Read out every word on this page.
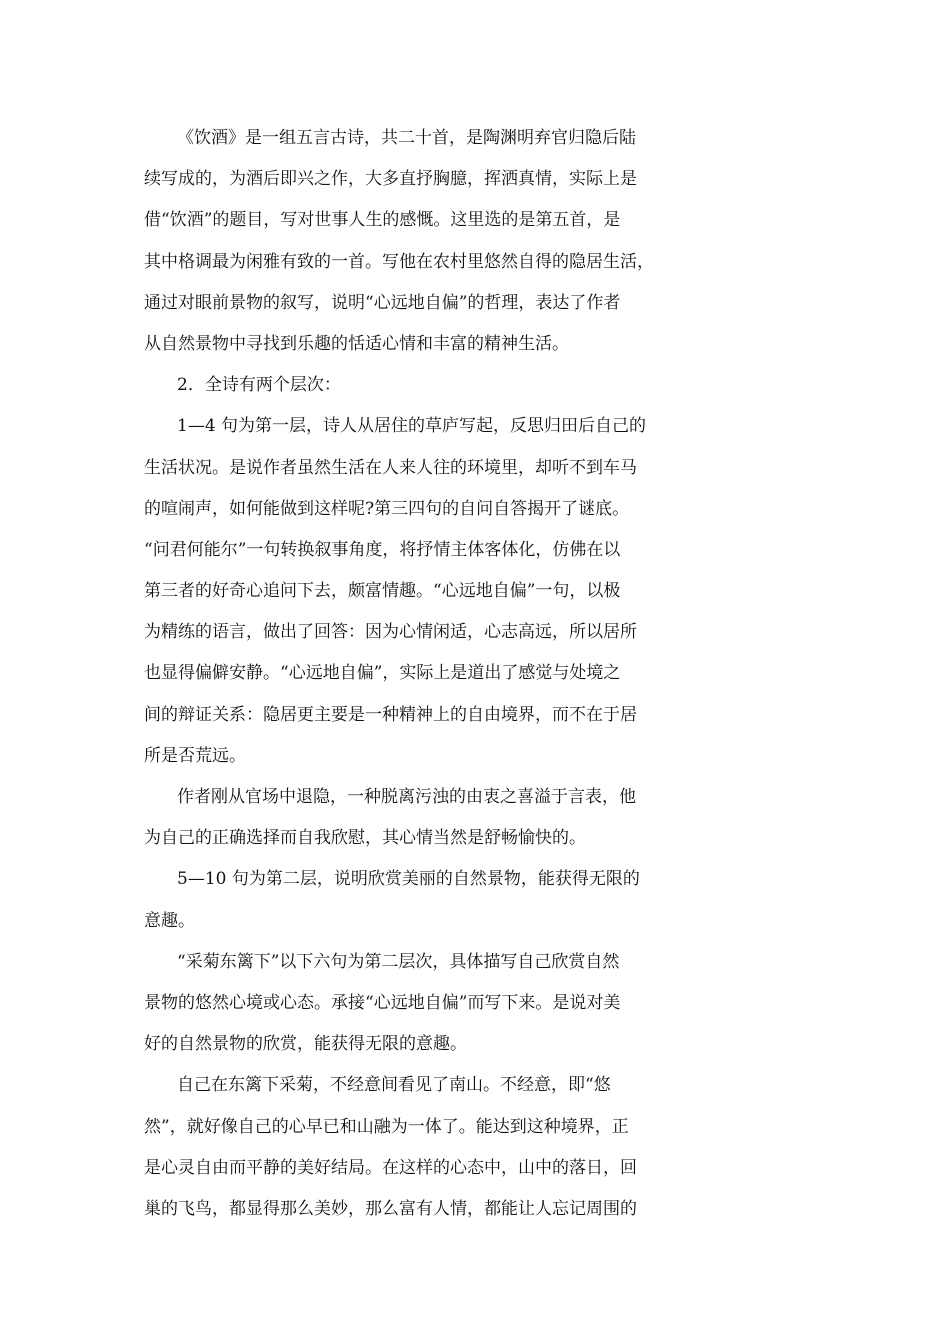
《饮酒》是一组五言古诗，共二十首，是陶渊明弃官归隐后陆
续写成的，为酒后即兴之作，大多直抒胸臆，挥洒真情，实际上是
借“饮酒”的题目，写对世事人生的感慨。这里选的是第五首，是
其中格调最为闲雅有致的一首。写他在农村里悠然自得的隐居生活，
通过对眼前景物的叙写，说明“心远地自偏”的哲理，表达了作者
从自然景物中寻找到乐趣的恬适心情和丰富的精神生活。
2．全诗有两个层次：
1—4 句为第一层，诗人从居住的草庐写起，反思归田后自己的
生活状况。是说作者虽然生活在人来人往的环境里，却听不到车马
的喧闹声，如何能做到这样呢?第三四句的自问自答揭开了谜底。
“问君何能尔”一句转换叙事角度，将抒情主体客体化，仿佛在以
第三者的好奇心追问下去，颇富情趣。“心远地自偏”一句，以极
为精练的语言，做出了回答：因为心情闲适，心志高远，所以居所
也显得偏僻安静。“心远地自偏”，实际上是道出了感觉与处境之
间的辩证关系：隐居更主要是一种精神上的自由境界，而不在于居
所是否荒远。
作者刚从官场中退隐，一种脱离污浊的由衷之喜溢于言表，他
为自己的正确选择而自我欣慰，其心情当然是舒畅愉快的。
5—10 句为第二层，说明欣赏美丽的自然景物，能获得无限的
意趣。
“采菊东篱下”以下六句为第二层次，具体描写自己欣赏自然
景物的悠然心境或心态。承接“心远地自偏”而写下来。是说对美
好的自然景物的欣赏，能获得无限的意趣。
自己在东篱下采菊，不经意间看见了南山。不经意，即“悠
然”，就好像自己的心早已和山融为一体了。能达到这种境界，正
是心灵自由而平静的美好结局。在这样的心态中，山中的落日，回
巢的飞鸟，都显得那么美妙，那么富有人情，都能让人忘记周围的
